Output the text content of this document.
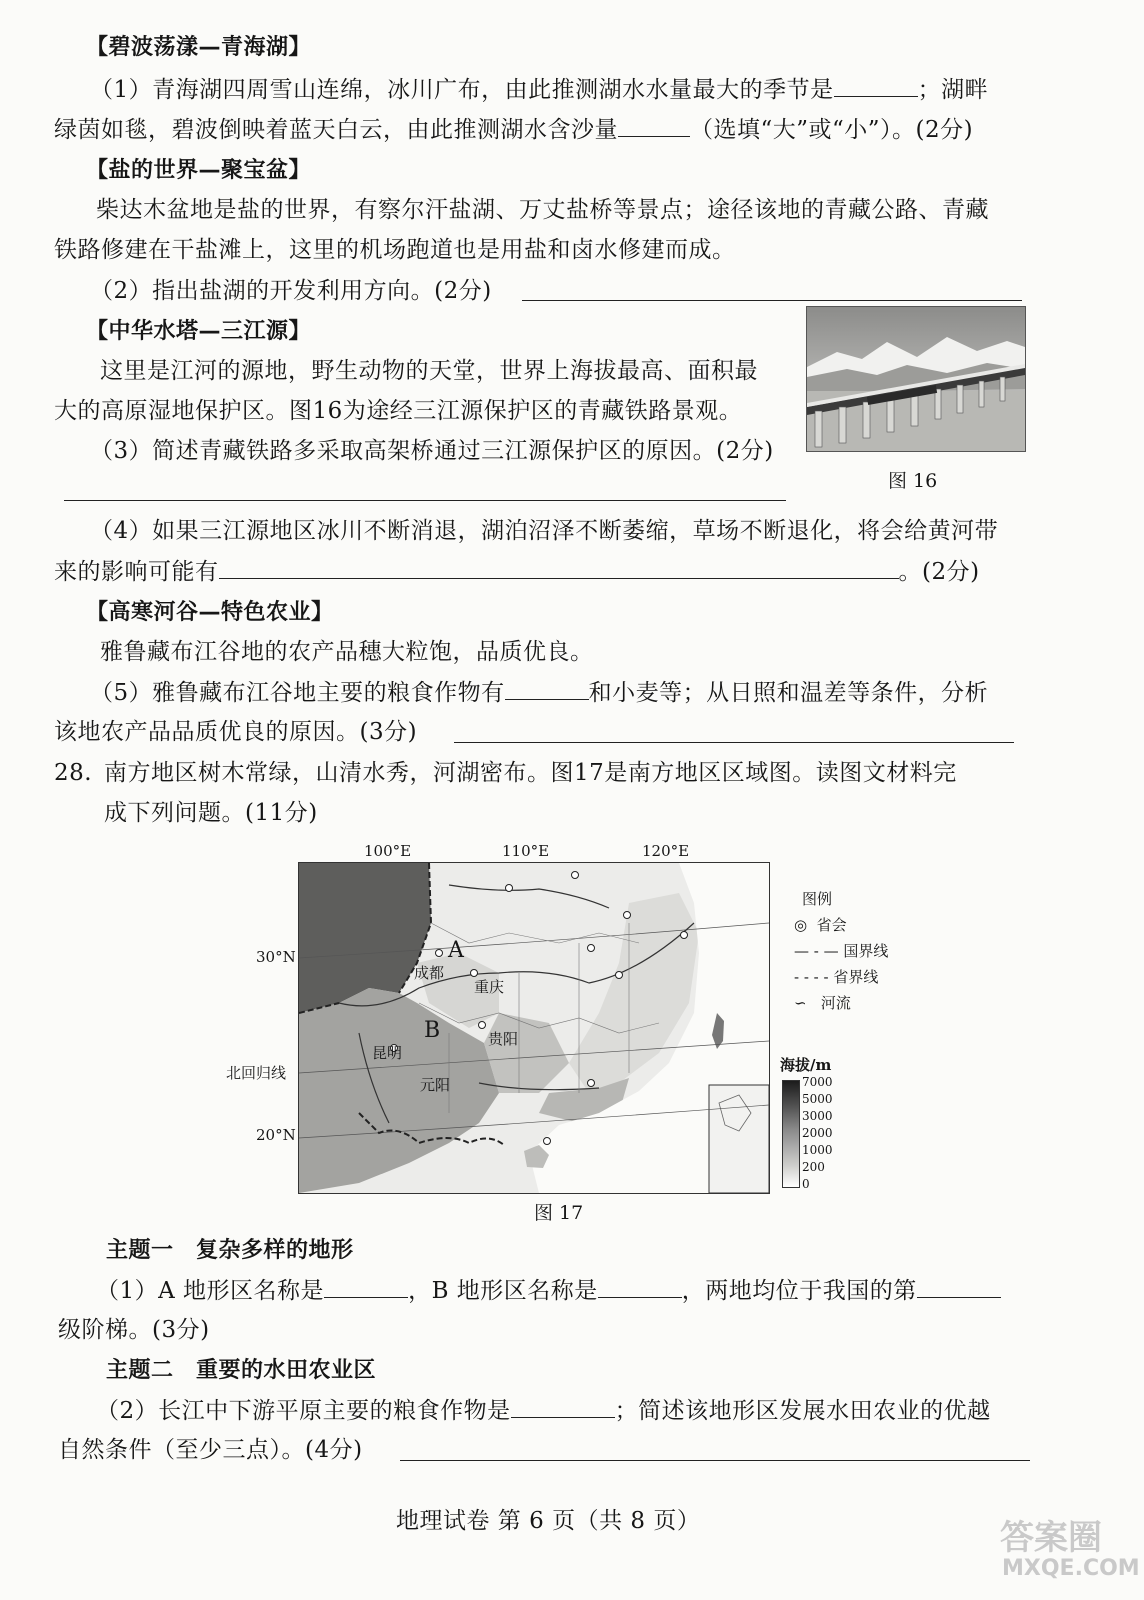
【碧波荡漾—青海湖】
（1）青海湖四周雪山连绵，冰川广布，由此推测湖水水量最大的季节是	；湖畔
绿茵如毯，碧波倒映着蓝天白云，由此推测湖水含沙量	（选填“大”或“小”）。(2分)
【盐的世界—聚宝盆】
柴达木盆地是盐的世界，有察尔汗盐湖、万丈盐桥等景点；途径该地的青藏公路、青藏
铁路修建在干盐滩上，这里的机场跑道也是用盐和卤水修建而成。
（2）指出盐湖的开发利用方向。(2分)
【中华水塔—三江源】
这里是江河的源地，野生动物的天堂，世界上海拔最高、面积最
大的高原湿地保护区。图16为途经三江源保护区的青藏铁路景观。
（3）简述青藏铁路多采取高架桥通过三江源保护区的原因。(2分)
图 16
（4）如果三江源地区冰川不断消退，湖泊沼泽不断萎缩，草场不断退化，将会给黄河带
来的影响可能有	。(2分)
【高寒河谷—特色农业】
雅鲁藏布江谷地的农产品穗大粒饱，品质优良。
（5）雅鲁藏布江谷地主要的粮食作物有	和小麦等；从日照和温差等条件，分析
该地农产品品质优良的原因。(3分)
28. 南方地区树木常绿，山清水秀，河湖密布。图17是南方地区区域图。读图文材料完
成下列问题。(11分)
100°E	110°E	120°E
30°N
北回归线
20°N
A
B
成都
重庆
昆明
贵阳
元阳
图例
◎ 省会
— - — 国界线
- - - - 省界线
∽ 河流
海拔/m
7000
5000
3000
2000
1000
200
0
图 17
主题一　复杂多样的地形
（1）A 地形区名称是	，B 地形区名称是	，两地均位于我国的第
级阶梯。(3分)
主题二　重要的水田农业区
（2）长江中下游平原主要的粮食作物是	；简述该地形区发展水田农业的优越
自然条件（至少三点）。(4分)
地理试卷 第 6 页（共 8 页）	答案圈
MXQE.COM
